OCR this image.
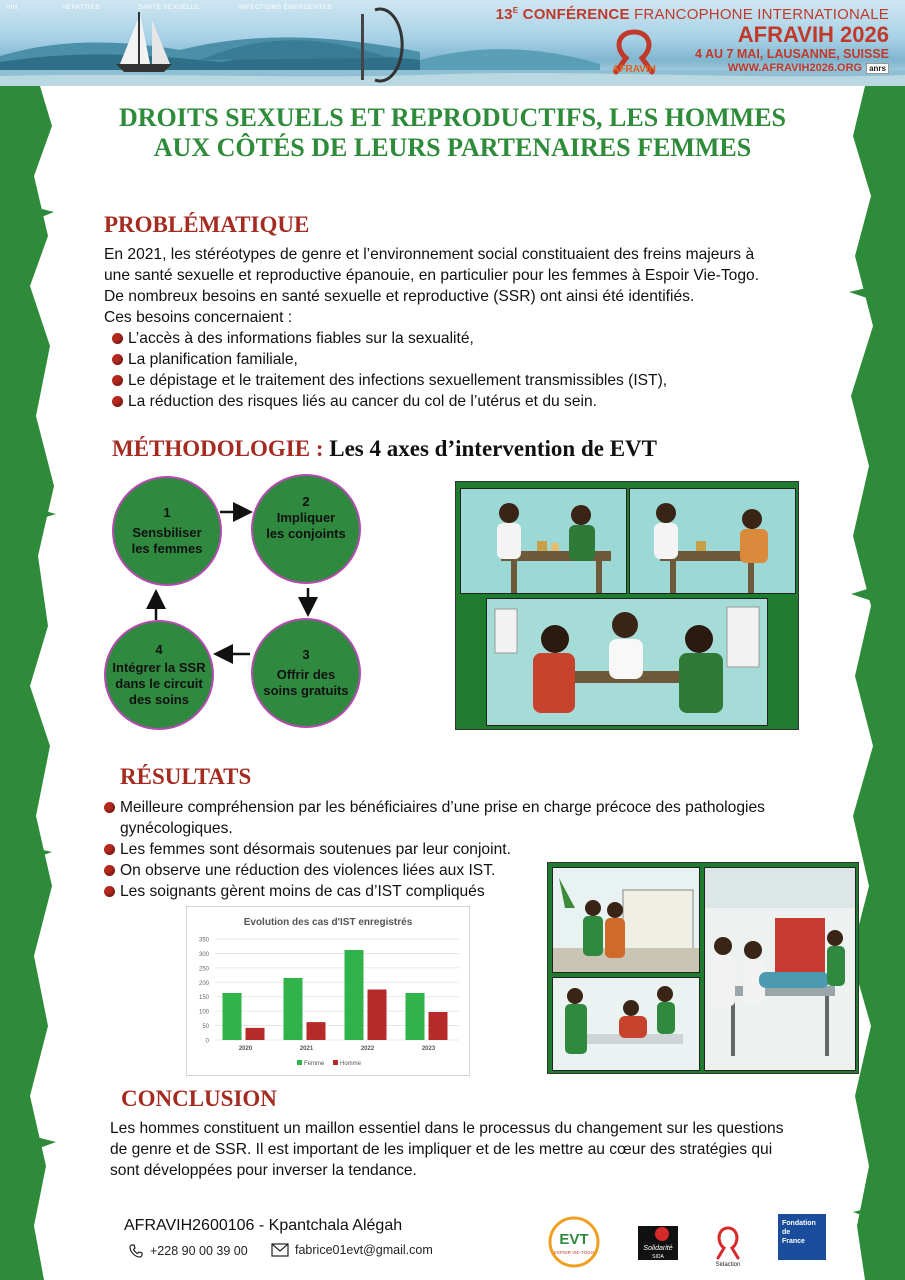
VIH	HÉPATITES	SANTÉ SEXUELLE	INFECTIONS ÉMERGENTES
AFRAVIH
$13^E$ CONFÉRENCE FRANCOPHONE INTERNATIONALE
AFRAVIH 2026
4 AU 7 MAI, LAUSANNE, SUISSE
WWW.AFRAVIH2026.ORG anrs
DROITS SEXUELS ET REPRODUCTIFS, LES HOMMES
AUX CÔTÉS DE LEURS PARTENAIRES FEMMES
PROBLÉMATIQUE
En 2021, les stéréotypes de genre et l’environnement social constituaient des freins majeurs à
une santé sexuelle et reproductive épanouie, en particulier pour les femmes à Espoir Vie-Togo.
De nombreux besoins en santé sexuelle et reproductive (SSR) ont ainsi été identifiés.
Ces besoins concernaient :
L’accès à des informations fiables sur la sexualité,
La planification familiale,
Le dépistage et le traitement des infections sexuellement transmissibles (IST),
La réduction des risques liés au cancer du col de l’utérus et du sein.
MÉTHODOLOGIE : Les 4 axes d’intervention de EVT
1
Sensbiliser
les femmes
2
Impliquer
les conjoints
3
Offrir des
soins gratuits
4
Intégrer la SSR
dans le circuit
des soins
RÉSULTATS
Meilleure compréhension par les bénéficiaires d’une prise en charge précoce des pathologies
gynécologiques.
Les femmes sont désormais soutenues par leur conjoint.
On observe une réduction des violences liées aux IST.
Les soignants gèrent moins de cas d’IST compliqués
Evolution des cas d'IST enregistrés
0
50
100
150
200
250
300
350
2020	2021	2022	2023
Femme	Homme
CONCLUSION
Les hommes constituent un maillon essentiel dans le processus du changement sur les questions
de genre et de SSR. Il est important de les impliquer et de les mettre au cœur des stratégies qui
sont développées pour inverser la tendance.
AFRAVIH2600106 - Kpantchala Alégah
+228 90 00 39 00	fabrice01evt@gmail.com
EVT
ESPOIR VIE-TOGO
Solidarité
SIDA
Sidaction
Fondation
de
France
